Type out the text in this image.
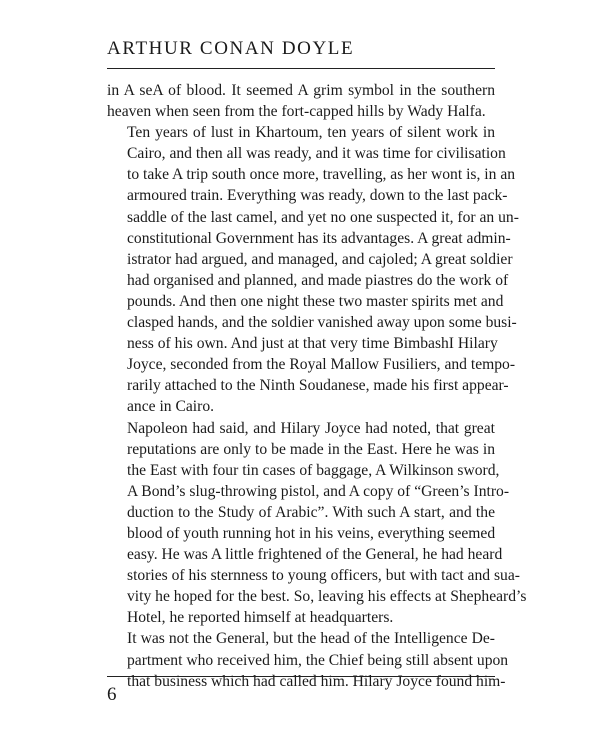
ARTHUR CONAN DOYLE

in A seA of blood. It seemed A grim symbol in the southern
heaven when seen from the fort-capped hills by Wady Halfa.

Ten years of lust in Khartoum, ten years of silent work in
Cairo, and then all was ready, and it was time for civilisation
to take A trip south once more, travelling, as her wont is, in an
armoured train. Everything was ready, down to the last pack-
saddle of the last camel, and yet no one suspected it, for an un-
constitutional Government has its advantages. A great admin-
istrator had argued, and managed, and cajoled; A great soldier
had organised and planned, and made piastres do the work of
pounds. And then one night these two master spirits met and
clasped hands, and the soldier vanished away upon some busi-
ness of his own. And just at that very time BimbashI Hilary
Joyce, seconded from the Royal Mallow Fusiliers, and tempo-
rarily attached to the Ninth Soudanese, made his first appear-
ance in Cairo.

Napoleon had said, and Hilary Joyce had noted, that great
reputations are only to be made in the East. Here he was in
the East with four tin cases of baggage, A Wilkinson sword,
A Bond’s slug-throwing pistol, and A copy of “Green’s Intro-
duction to the Study of Arabic”. With such A start, and the
blood of youth running hot in his veins, everything seemed
easy. He was A little frightened of the General, he had heard
stories of his sternness to young officers, but with tact and sua-
vity he hoped for the best. So, leaving his effects at Shepheard’s
Hotel, he reported himself at headquarters.

It was not the General, but the head of the Intelligence De-
partment who received him, the Chief being still absent upon
that business which had called him. Hilary Joyce found him-

6
